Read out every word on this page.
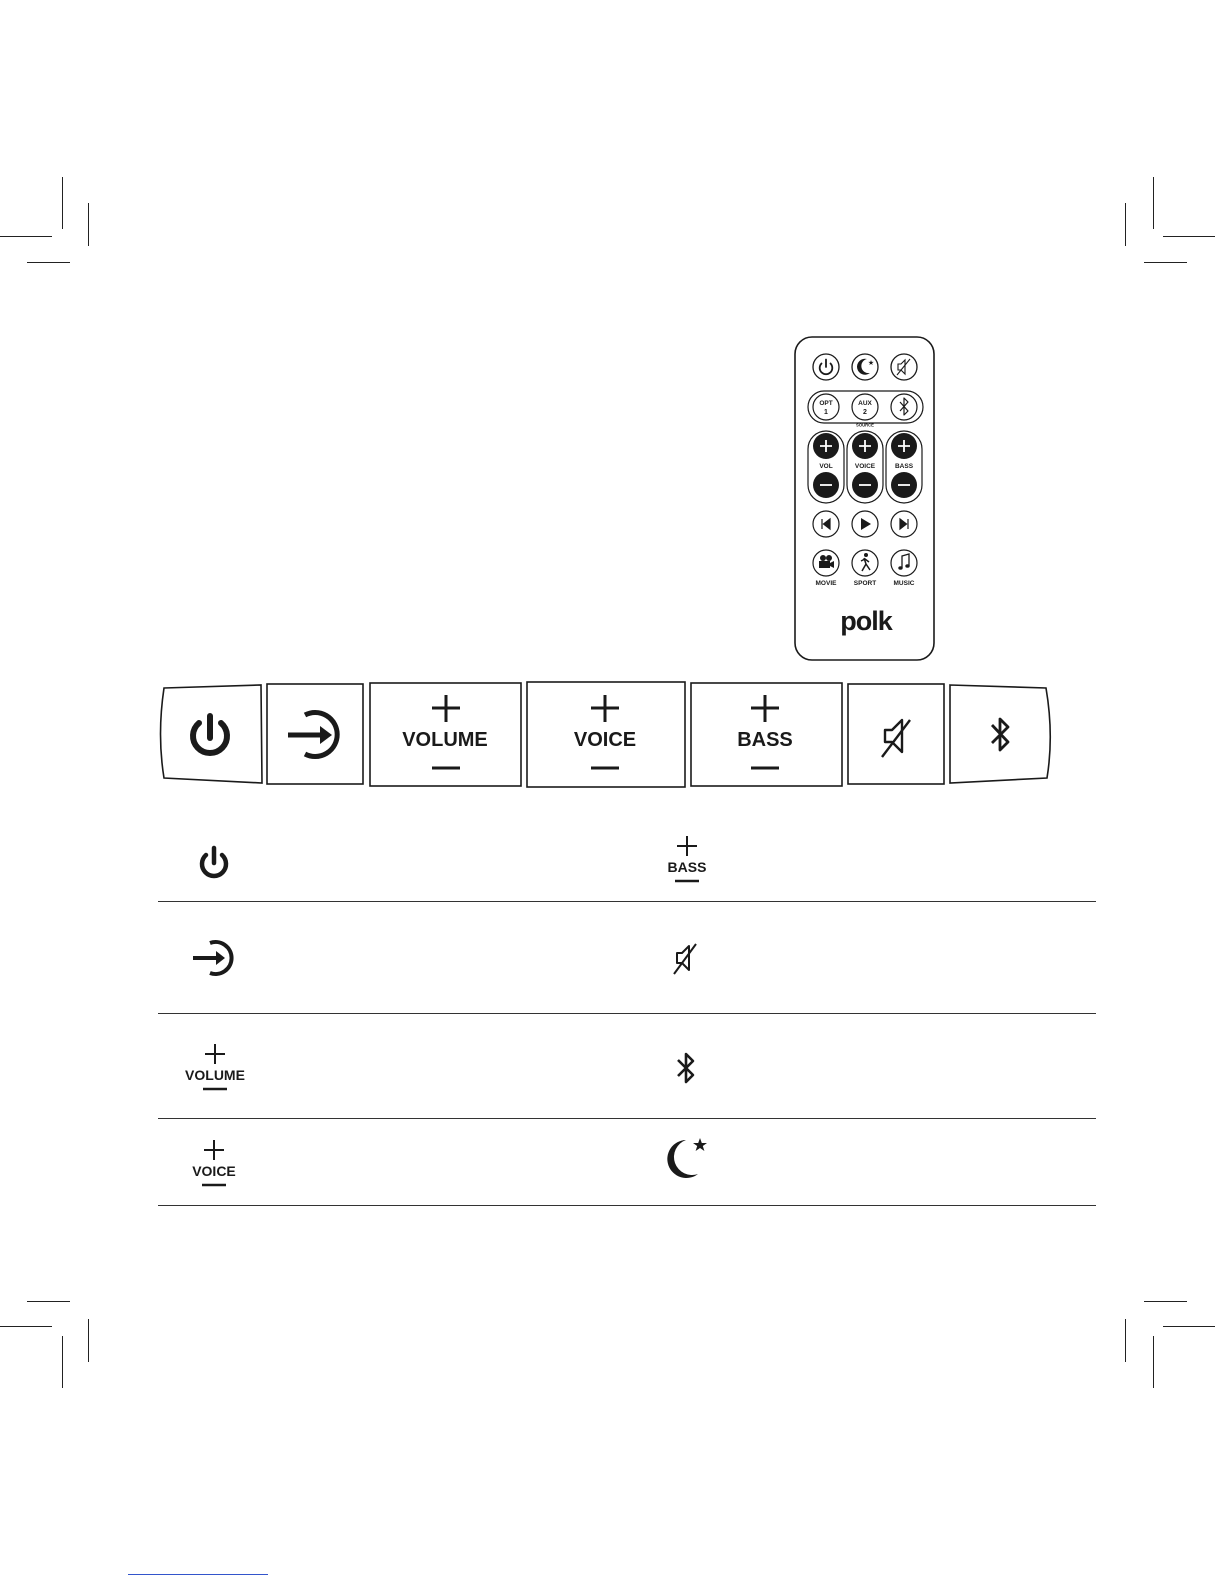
★
OPT
1
AUX
2
SOURCE
VOL	VOICE	BASS
MOVIE	SPORT	MUSIC
polk
VOLUME	VOICE	BASS
BASS
VOLUME
VOICE
